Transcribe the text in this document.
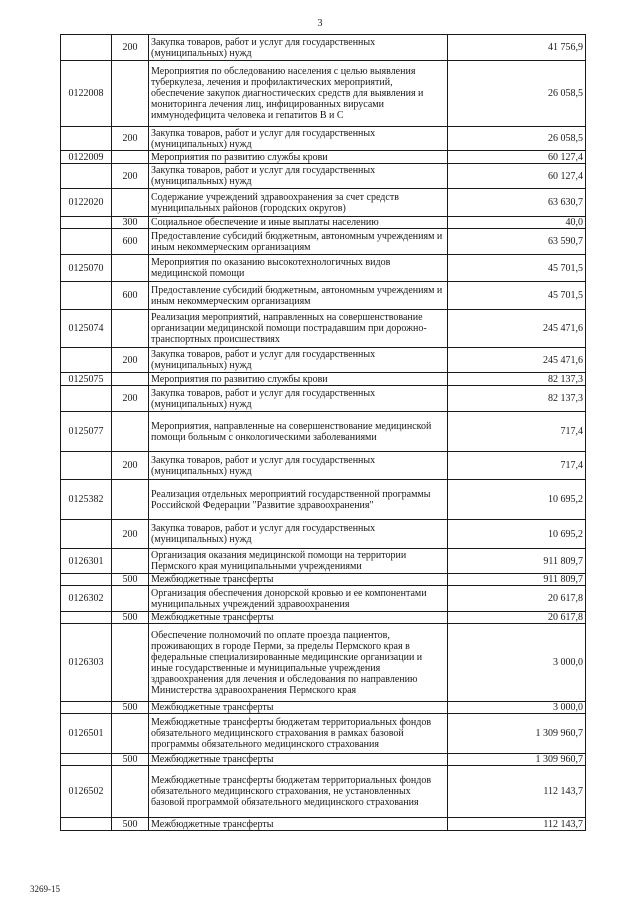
3
	200	Закупка товаров, работ и услуг для государственных (муниципальных) нужд	41 756,9
0122008		Мероприятия по обследованию населения с целью выявления туберкулеза, лечения и профилактических мероприятий, обеспечение закупок диагностических средств для выявления и мониторинга лечения лиц, инфицированных вирусами иммунодефицита человека и гепатитов В и С	26 058,5
	200	Закупка товаров, работ и услуг для государственных (муниципальных) нужд	26 058,5
0122009		Мероприятия по развитию службы крови	60 127,4
	200	Закупка товаров, работ и услуг для государственных (муниципальных) нужд	60 127,4
0122020		Содержание учреждений здравоохранения за счет средств муниципальных районов (городских округов)	63 630,7
	300	Социальное обеспечение и иные выплаты населению	40,0
	600	Предоставление субсидий бюджетным, автономным учреждениям и иным некоммерческим организациям	63 590,7
0125070		Мероприятия по оказанию высокотехнологичных видов медицинской помощи	45 701,5
	600	Предоставление субсидий бюджетным, автономным учреждениям и иным некоммерческим организациям	45 701,5
0125074		Реализация мероприятий, направленных на совершенствование организации медицинской помощи пострадавшим при дорожно-транспортных происшествиях	245 471,6
	200	Закупка товаров, работ и услуг для государственных (муниципальных) нужд	245 471,6
0125075		Мероприятия по развитию службы крови	82 137,3
	200	Закупка товаров, работ и услуг для государственных (муниципальных) нужд	82 137,3
0125077		Мероприятия, направленные на совершенствование медицинской помощи больным с онкологическими заболеваниями	717,4
	200	Закупка товаров, работ и услуг для государственных (муниципальных) нужд	717,4
0125382		Реализация отдельных мероприятий государственной программы Российской Федерации "Развитие здравоохранения"	10 695,2
	200	Закупка товаров, работ и услуг для государственных (муниципальных) нужд	10 695,2
0126301		Организация оказания медицинской помощи на территории Пермского края муниципальными учреждениями	911 809,7
	500	Межбюджетные трансферты	911 809,7
0126302		Организация обеспечения донорской кровью и ее компонентами муниципальных учреждений здравоохранения	20 617,8
	500	Межбюджетные трансферты	20 617,8
0126303		Обеспечение полномочий по оплате проезда пациентов, проживающих в городе Перми, за пределы Пермского края в федеральные специализированные медицинские организации и иные государственные и муниципальные учреждения здравоохранения для лечения и обследования по направлению Министерства здравоохранения Пермского края	3 000,0
	500	Межбюджетные трансферты	3 000,0
0126501		Межбюджетные трансферты бюджетам территориальных фондов обязательного медицинского страхования в рамках базовой программы обязательного медицинского страхования	1 309 960,7
	500	Межбюджетные трансферты	1 309 960,7
0126502		Межбюджетные трансферты бюджетам территориальных фондов обязательного медицинского страхования, не установленных базовой программой обязательного медицинского страхования	112 143,7
	500	Межбюджетные трансферты	112 143,7
3269-15
